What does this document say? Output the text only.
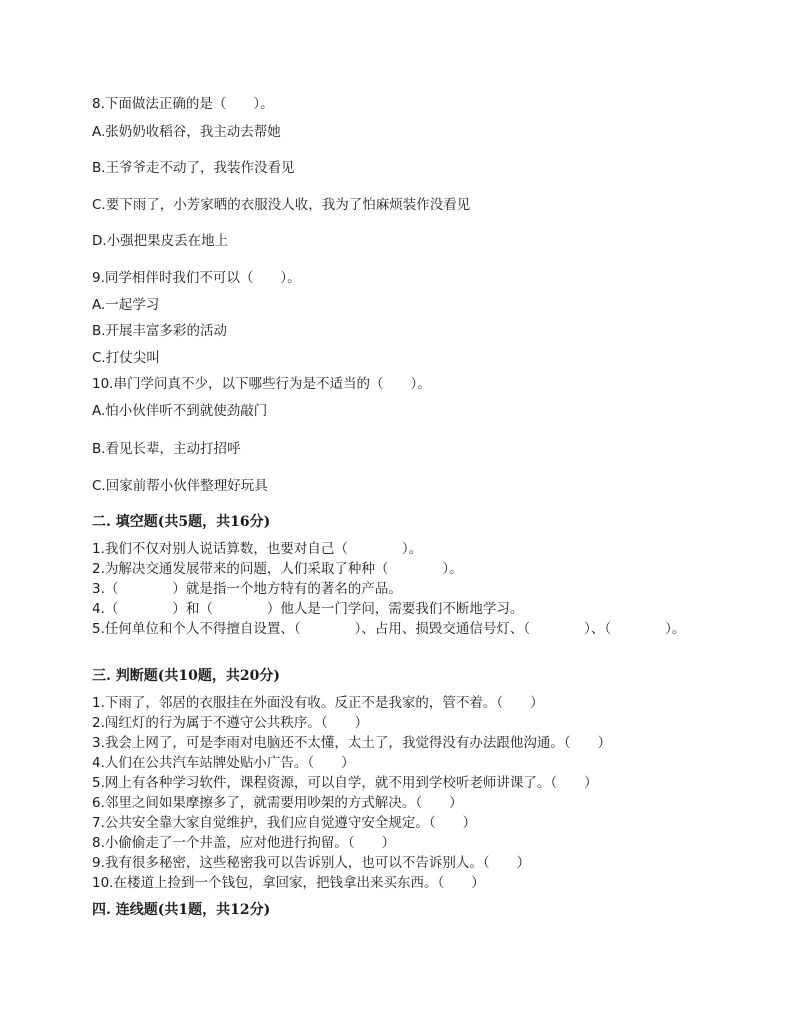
8.下面做法正确的是（　　）。
A.张奶奶收稻谷，我主动去帮她
B.王爷爷走不动了，我装作没看见
C.要下雨了，小芳家晒的衣服没人收，我为了怕麻烦装作没看见
D.小强把果皮丢在地上
9.同学相伴时我们不可以（　　）。
A.一起学习
B.开展丰富多彩的活动
C.打仗尖叫
10.串门学问真不少，以下哪些行为是不适当的（　　）。
A.怕小伙伴听不到就使劲敲门
B.看见长辈，主动打招呼
C.回家前帮小伙伴整理好玩具
二. 填空题(共5题，共16分)
1.我们不仅对别人说话算数，也要对自己（　　　　）。
2.为解决交通发展带来的问题，人们采取了种种（　　　　）。
3.（　　　　）就是指一个地方特有的著名的产品。
4.（　　　　）和（　　　　）他人是一门学问，需要我们不断地学习。
5.任何单位和个人不得擅自设置、（　　　　）、占用、损毁交通信号灯、（　　　　）、（　　　　）。
三. 判断题(共10题，共20分)
1.下雨了，邻居的衣服挂在外面没有收。反正不是我家的，管不着。（　　）
2.闯红灯的行为属于不遵守公共秩序。（　　）
3.我会上网了，可是李雨对电脑还不太懂，太土了，我觉得没有办法跟他沟通。（　　）
4.人们在公共汽车站牌处贴小广告。（　　）
5.网上有各种学习软件，课程资源，可以自学，就不用到学校听老师讲课了。（　　）
6.邻里之间如果摩擦多了，就需要用吵架的方式解决。（　　）
7.公共安全靠大家自觉维护，我们应自觉遵守安全规定。（　　）
8.小偷偷走了一个井盖，应对他进行拘留。（　　）
9.我有很多秘密，这些秘密我可以告诉别人，也可以不告诉别人。（　　）
10.在楼道上捡到一个钱包，拿回家，把钱拿出来买东西。（　　）
四. 连线题(共1题，共12分)
